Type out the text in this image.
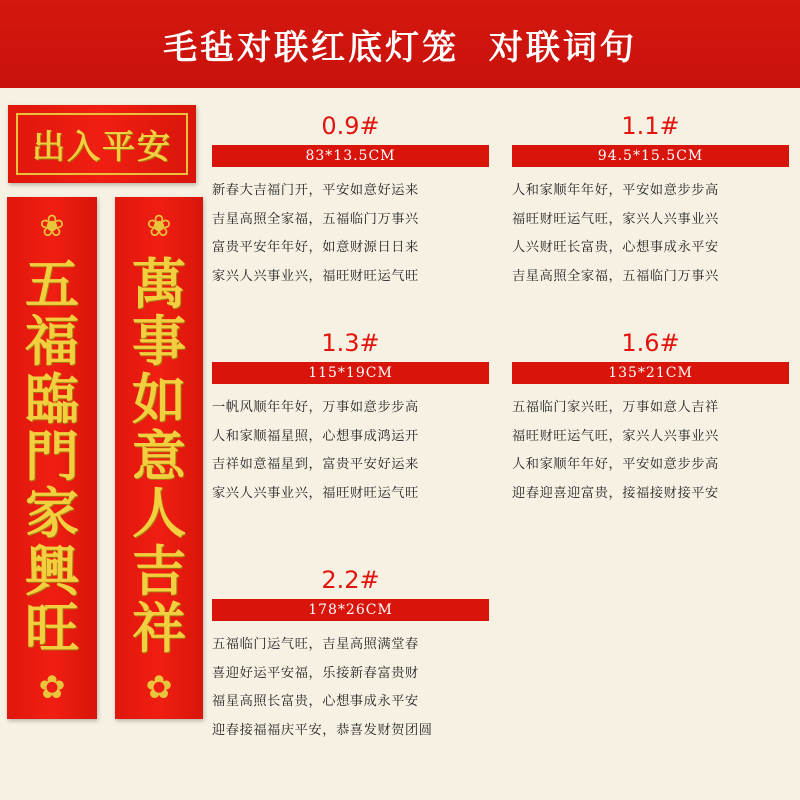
毛毡对联红底灯笼  对联词句
出入平安
❀
五
福
臨
門
家
興
旺
✿
❀
萬
事
如
意
人
吉
祥
✿
0.9#
83*13.5CM
新春大吉福门开，平安如意好运来
吉星高照全家福，五福临门万事兴
富贵平安年年好，如意财源日日来
家兴人兴事业兴，福旺财旺运气旺
1.1#
94.5*15.5CM
人和家顺年年好，平安如意步步高
福旺财旺运气旺，家兴人兴事业兴
人兴财旺长富贵，心想事成永平安
吉星高照全家福，五福临门万事兴
1.3#
115*19CM
一帆风顺年年好，万事如意步步高
人和家顺福星照，心想事成鸿运开
吉祥如意福星到，富贵平安好运来
家兴人兴事业兴，福旺财旺运气旺
1.6#
135*21CM
五福临门家兴旺，万事如意人吉祥
福旺财旺运气旺，家兴人兴事业兴
人和家顺年年好，平安如意步步高
迎春迎喜迎富贵，接福接财接平安
2.2#
178*26CM
五福临门运气旺，吉星高照满堂春
喜迎好运平安福，乐接新春富贵财
福星高照长富贵，心想事成永平安
迎春接福福庆平安，恭喜发财贺团圆
